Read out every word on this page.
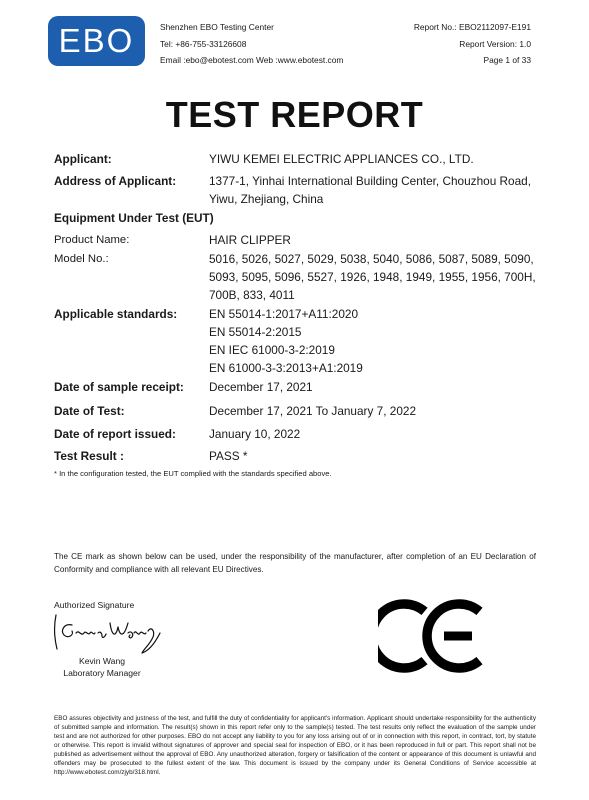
EBO	Shenzhen EBO Testing Center
Tel: +86-755-33126608
Email :ebo@ebotest.com Web :www.ebotest.com
Report No.: EBO2112097-E191
Report Version: 1.0
Page 1 of 33
TEST REPORT
Applicant:	YIWU KEMEI ELECTRIC APPLIANCES CO., LTD.
Address of Applicant:	1377-1, Yinhai International Building Center, Chouzhou Road,
Yiwu, Zhejiang, China
Equipment Under Test (EUT)
Product Name:	HAIR CLIPPER
Model No.:	5016, 5026, 5027, 5029, 5038, 5040, 5086, 5087, 5089, 5090,
5093, 5095, 5096, 5527, 1926, 1948, 1949, 1955, 1956, 700H,
700B, 833, 4011
Applicable standards:	EN 55014-1:2017+A11:2020
EN 55014-2:2015
EN IEC 61000-3-2:2019
EN 61000-3-3:2013+A1:2019
Date of sample receipt: December 17, 2021
Date of Test:	December 17, 2021 To January 7, 2022
Date of report issued:	January 10, 2022
Test Result :	PASS *
* In the configuration tested, the EUT complied with the standards specified above.
The CE mark as shown below can be used, under the responsibility of the manufacturer, after completion of an EU Declaration of Conformity and compliance with all relevant EU Directives.
Authorized Signature
Kevin Wang
Laboratory Manager
EBO assures objectivity and justness of the test, and fulfill the duty of confidentiality for applicant's information. Applicant should undertake responsibility for the authenticity of submitted sample and information. The result(s) shown in this report refer only to the sample(s) tested. The test results only reflect the evaluation of the sample under test and are not authorized for other purposes. EBO do not accept any liability to you for any loss arising out of or in connection with this report, in contract, tort, by statute or otherwise. This report is invalid without signatures of approver and special seal for inspection of EBO, or it has been reproduced in full or part. This report shall not be published as advertisement without the approval of EBO. Any unauthorized alteration, forgery or falsification of the content or appearance of this document is unlawful and offenders may be prosecuted to the fullest extent of the law. This document is issued by the company under its General Conditions of Service accessible at http://www.ebotest.com/zjyb/318.html.
